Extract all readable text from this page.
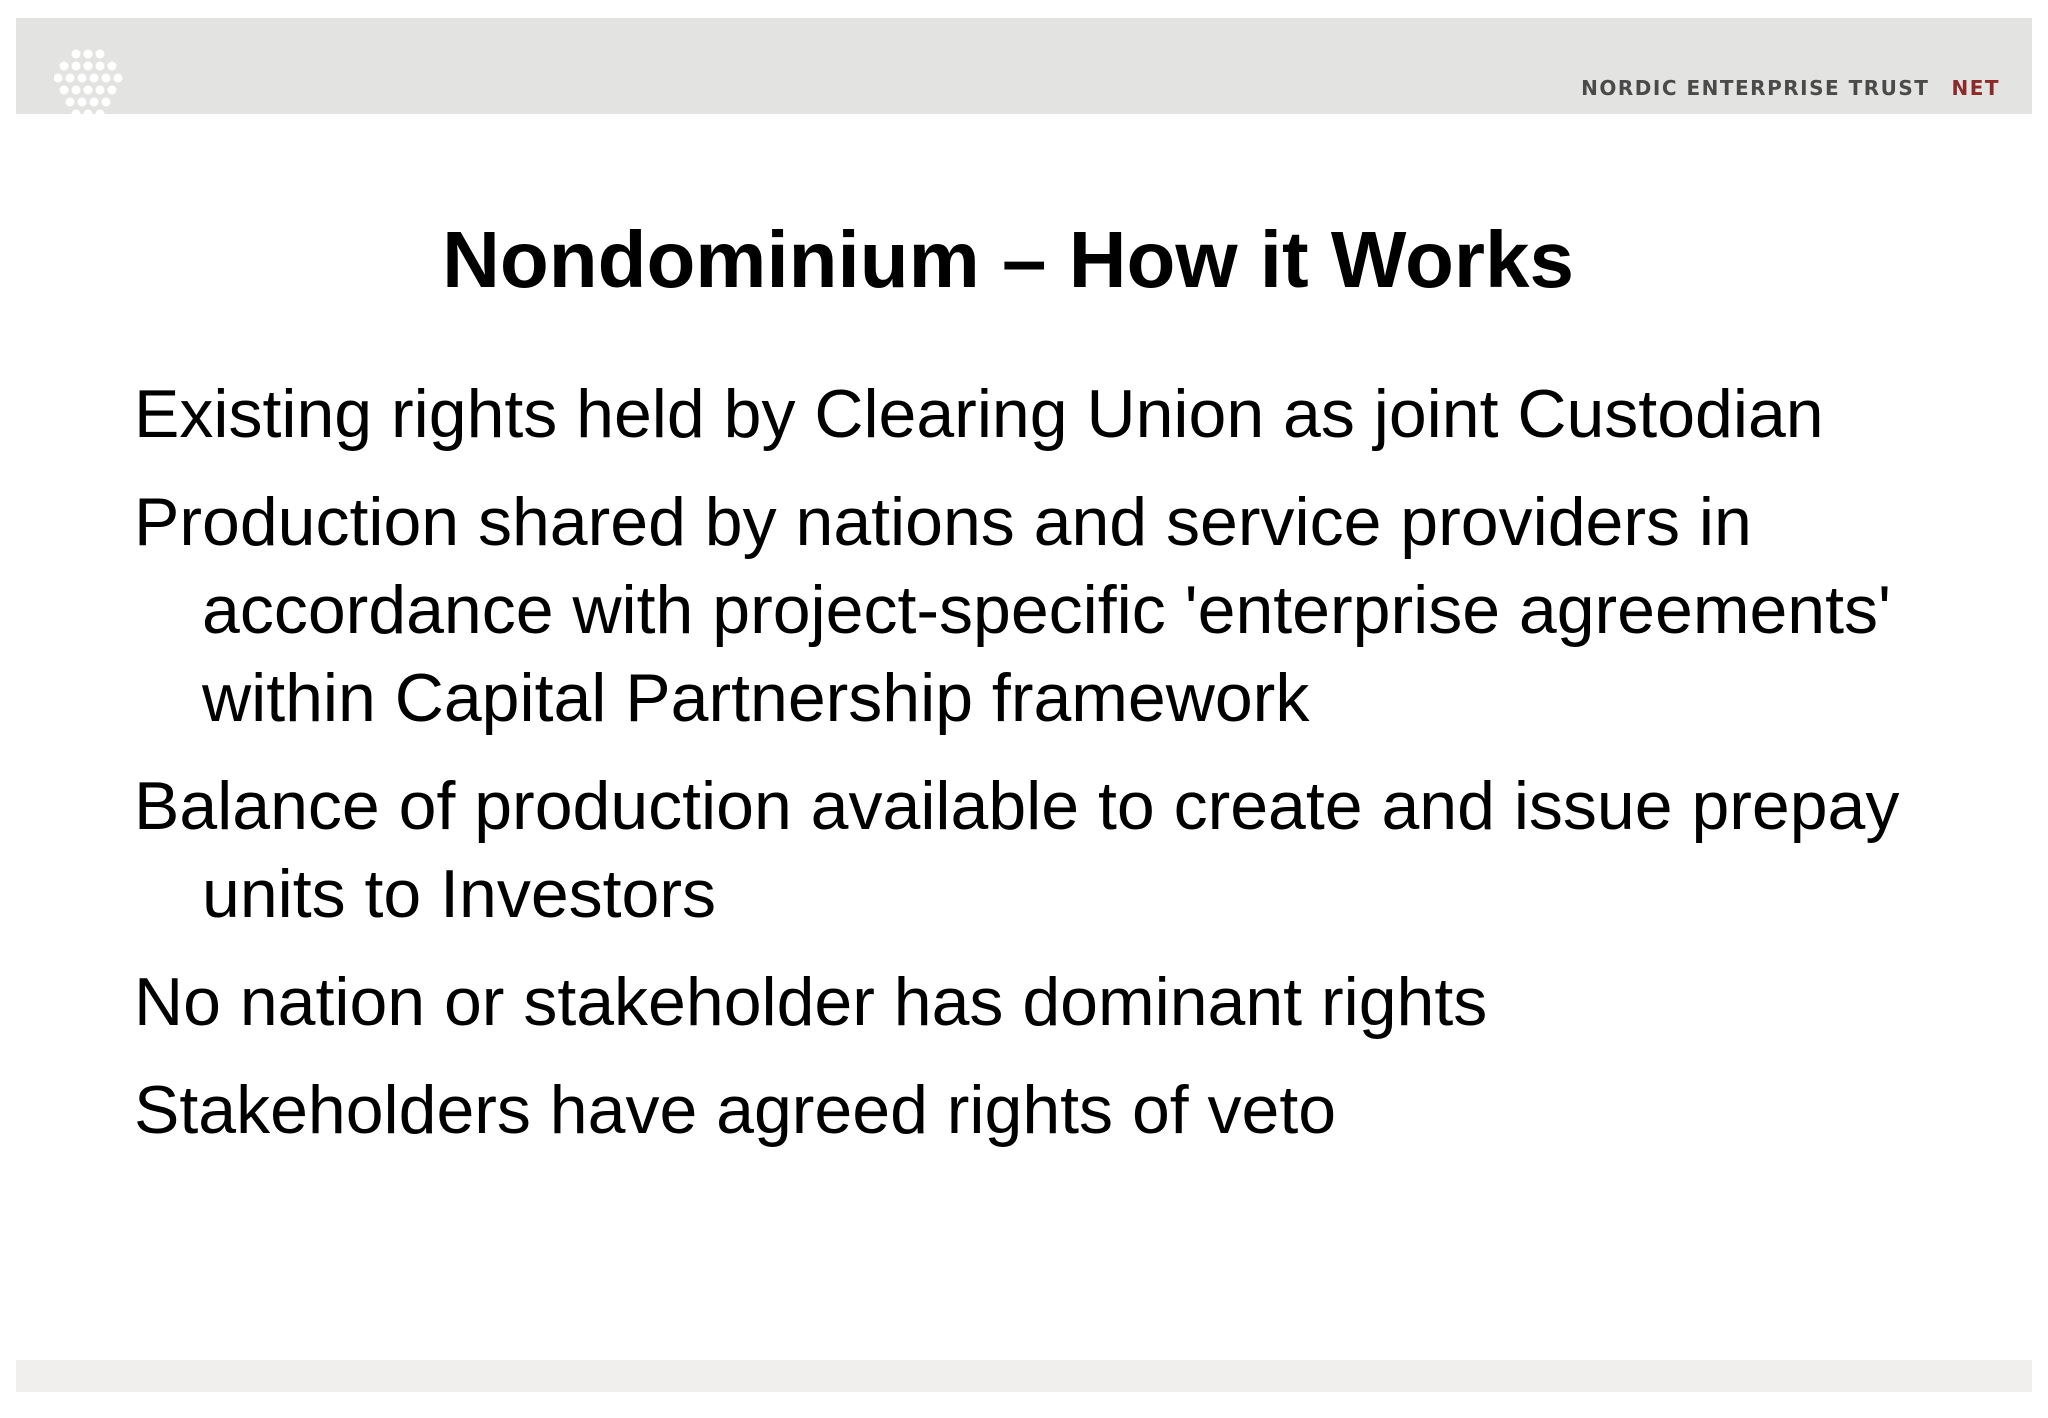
NORDIC ENTERPRISE TRUST NET
Nondominium – How it Works
Existing rights held by Clearing Union as joint Custodian
Production shared by nations and service providers in accordance with project-specific 'enterprise agreements' within Capital Partnership framework
Balance of production available to create and issue prepay units to Investors
No nation or stakeholder has dominant rights
Stakeholders have agreed rights of veto
